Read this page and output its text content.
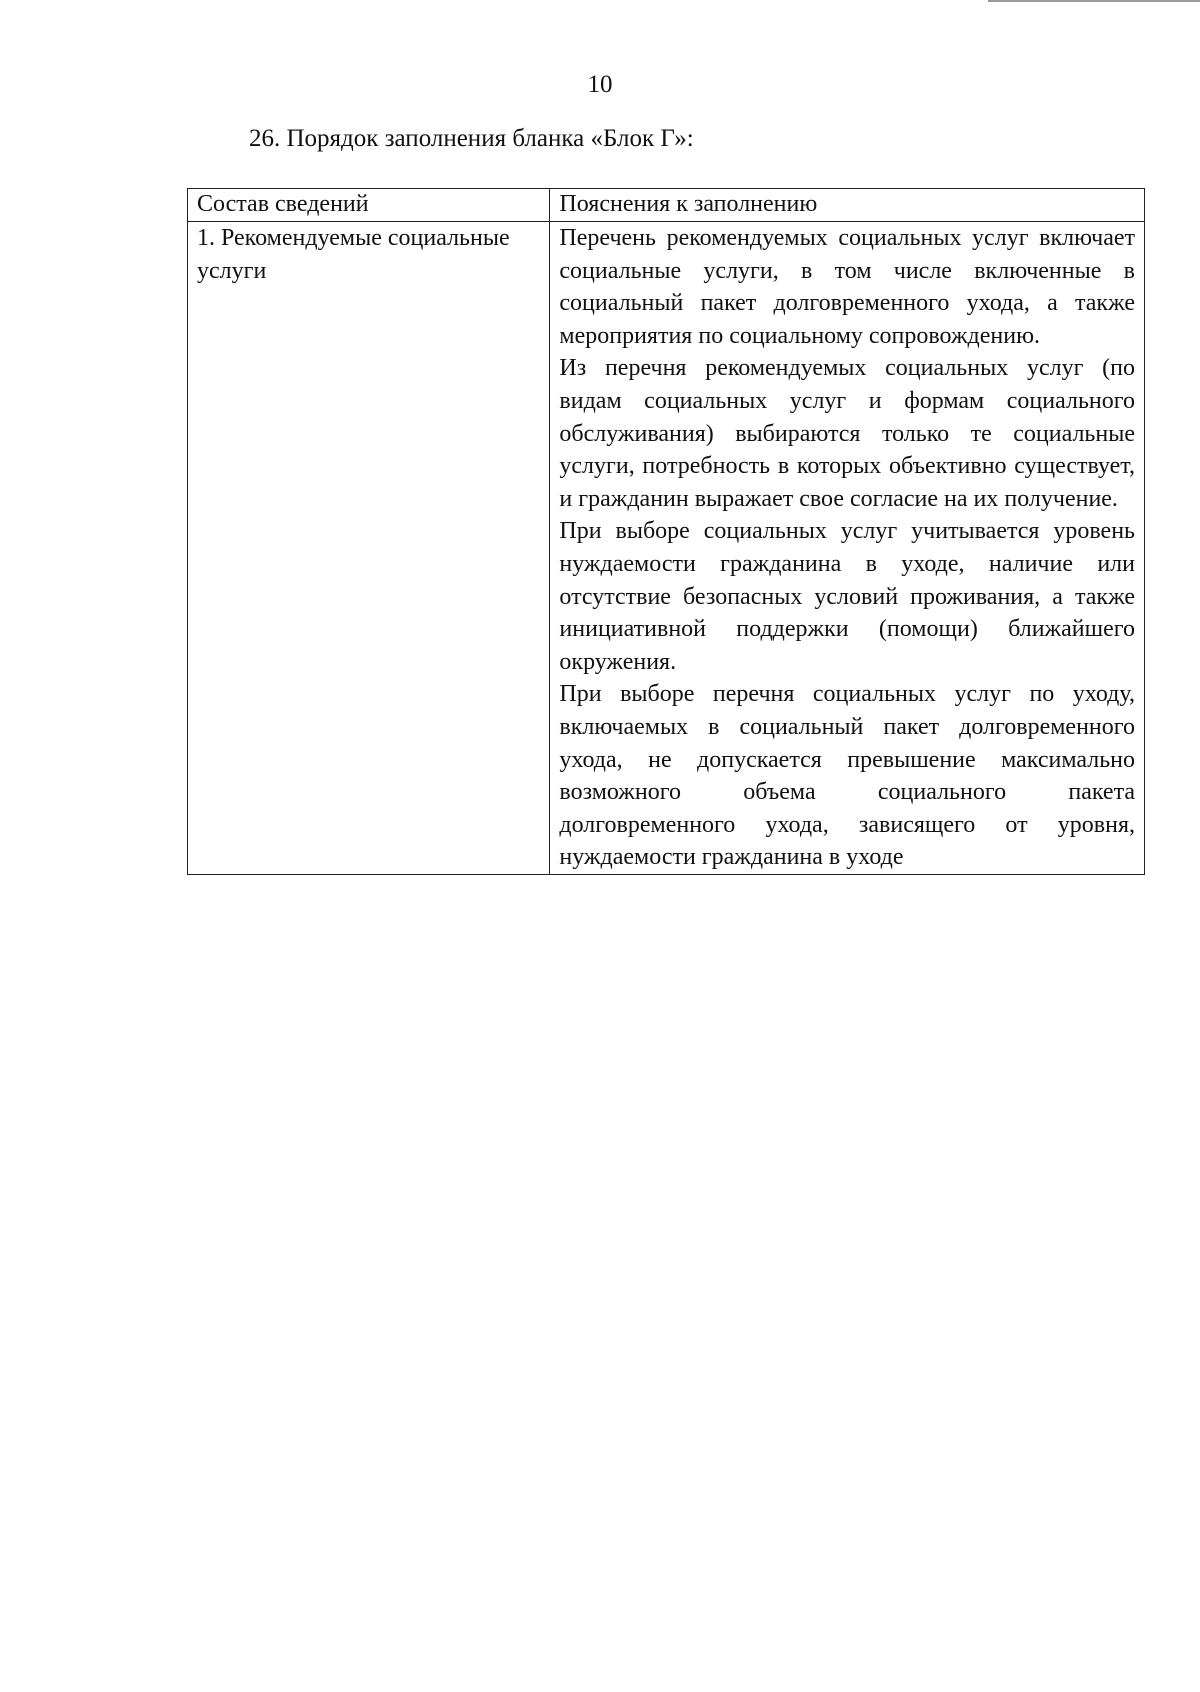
10
26. Порядок заполнения бланка «Блок Г»:
Состав сведений	Пояснения к заполнению
1. Рекомендуемые социальные услуги	Перечень рекомендуемых социальных услуг включает социальные услуги, в том числе включенные в социальный пакет долговременного ухода, а также мероприятия по социальному сопровождению.

Из перечня рекомендуемых социальных услуг (по видам социальных услуг и формам социального обслуживания) выбираются только те социальные услуги, потребность в которых объективно существует, и гражданин выражает свое согласие на их получение.

При выборе социальных услуг учитывается уровень нуждаемости гражданина в уходе, наличие или отсутствие безопасных условий проживания, а также инициативной поддержки (помощи) ближайшего окружения.

При выборе перечня социальных услуг по уходу, включаемых в социальный пакет долговременного ухода, не допускается превышение максимально возможного объема социального пакета долговременного ухода, зависящего от уровня, нуждаемости гражданина в уходе
